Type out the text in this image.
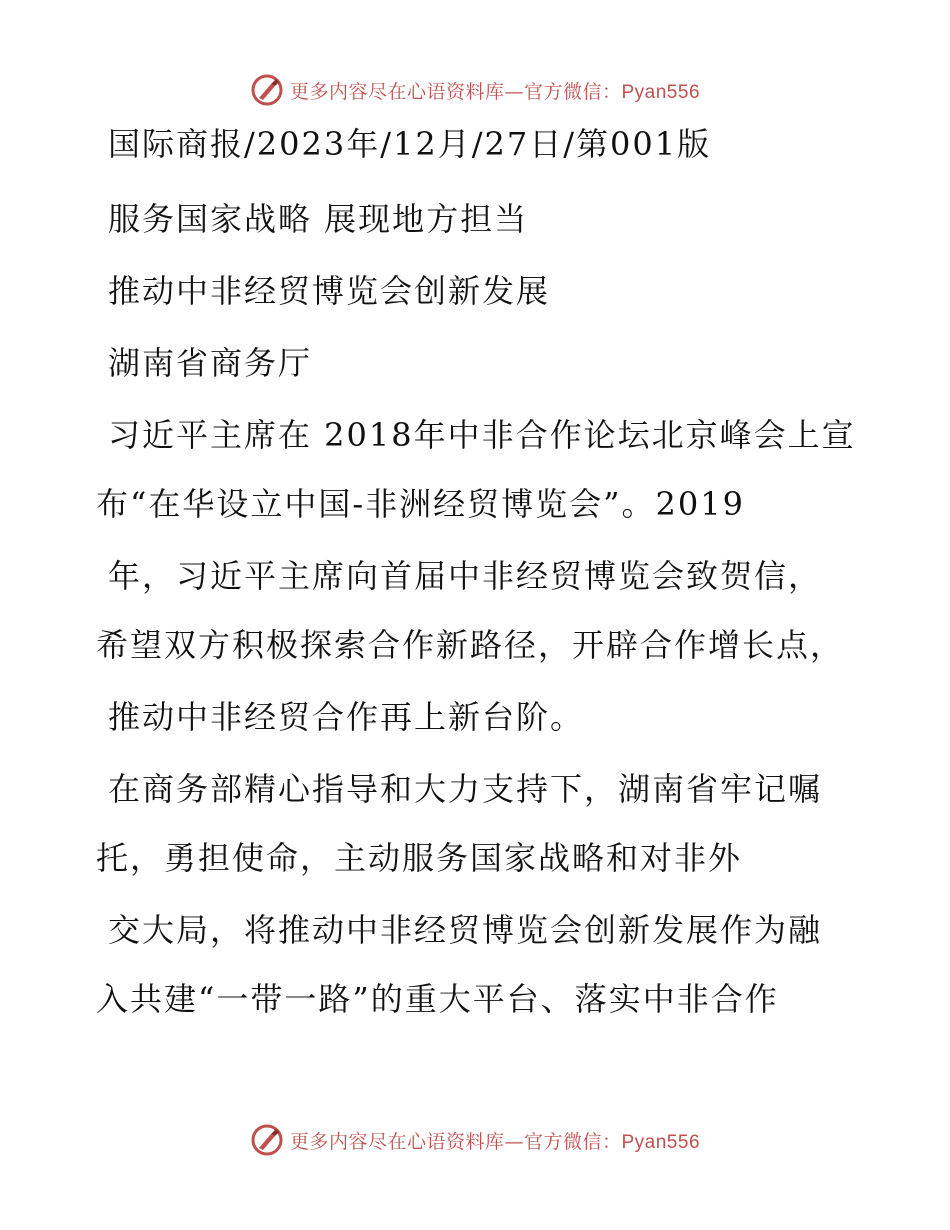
更多内容尽在心语资料库—官方微信：Pyan556
国际商报/2023年/12月/27日/第001版
服务国家战略 展现地方担当
推动中非经贸博览会创新发展
湖南省商务厅
习近平主席在 2018年中非合作论坛北京峰会上宣
布“在华设立中国-非洲经贸博览会”。2019
年，习近平主席向首届中非经贸博览会致贺信，
希望双方积极探索合作新路径，开辟合作增长点，
推动中非经贸合作再上新台阶。
在商务部精心指导和大力支持下，湖南省牢记嘱
托，勇担使命，主动服务国家战略和对非外
交大局，将推动中非经贸博览会创新发展作为融
入共建“一带一路”的重大平台、落实中非合作
更多内容尽在心语资料库—官方微信：Pyan556
